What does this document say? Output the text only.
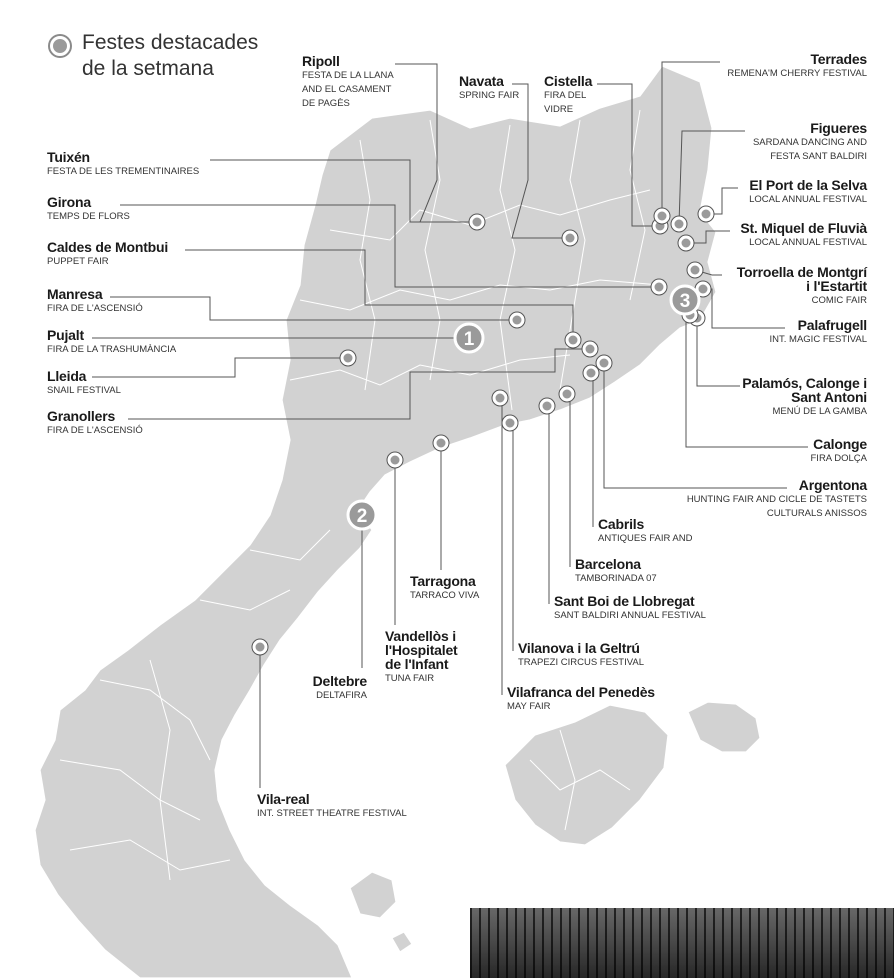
1
2
3
Festes destacades
de la setmana	Ripoll
FESTA DE LA LLANA
AND EL CASAMENT
DE PAGÈS
Navata
SPRING FAIR
Cistella
FIRA DEL
VIDRE
Terrades
REMENA'M CHERRY FESTIVAL
Figueres
SARDANA DANCING AND
FESTA SANT BALDIRI
El Port de la Selva
LOCAL ANNUAL FESTIVAL
St. Miquel de Fluvià
LOCAL ANNUAL FESTIVAL
Torroella de Montgrí i l'Estartit
COMIC FAIR
Palafrugell
INT. MAGIC FESTIVAL
Palamós, Calonge i Sant Antoni
MENÚ DE LA GAMBA
Calonge
FIRA DOLÇA
Argentona
HUNTING FAIR AND CICLE DE TASTETS
CULTURALS ANISSOS
Cabrils
ANTIQUES FAIR AND
Barcelona
TAMBORINADA 07
Sant Boi de Llobregat
SANT BALDIRI ANNUAL FESTIVAL
Vilanova i la Geltrú
TRAPEZI CIRCUS FESTIVAL
Vilafranca del Penedès
MAY FAIR
Tarragona
TARRACO VIVA
Vandellòs i l'Hospitalet de l'Infant
TUNA FAIR
Deltebre
DELTAFIRA
Vila-real
INT. STREET THEATRE FESTIVAL
Tuixén
FESTA DE LES TREMENTINAIRES
Girona
TEMPS DE FLORS
Caldes de Montbui
PUPPET FAIR
Manresa
FIRA DE L'ASCENSIÓ
Pujalt
FIRA DE LA TRASHUMÀNCIA
Lleida
SNAIL FESTIVAL
Granollers
FIRA DE L'ASCENSIÓ
